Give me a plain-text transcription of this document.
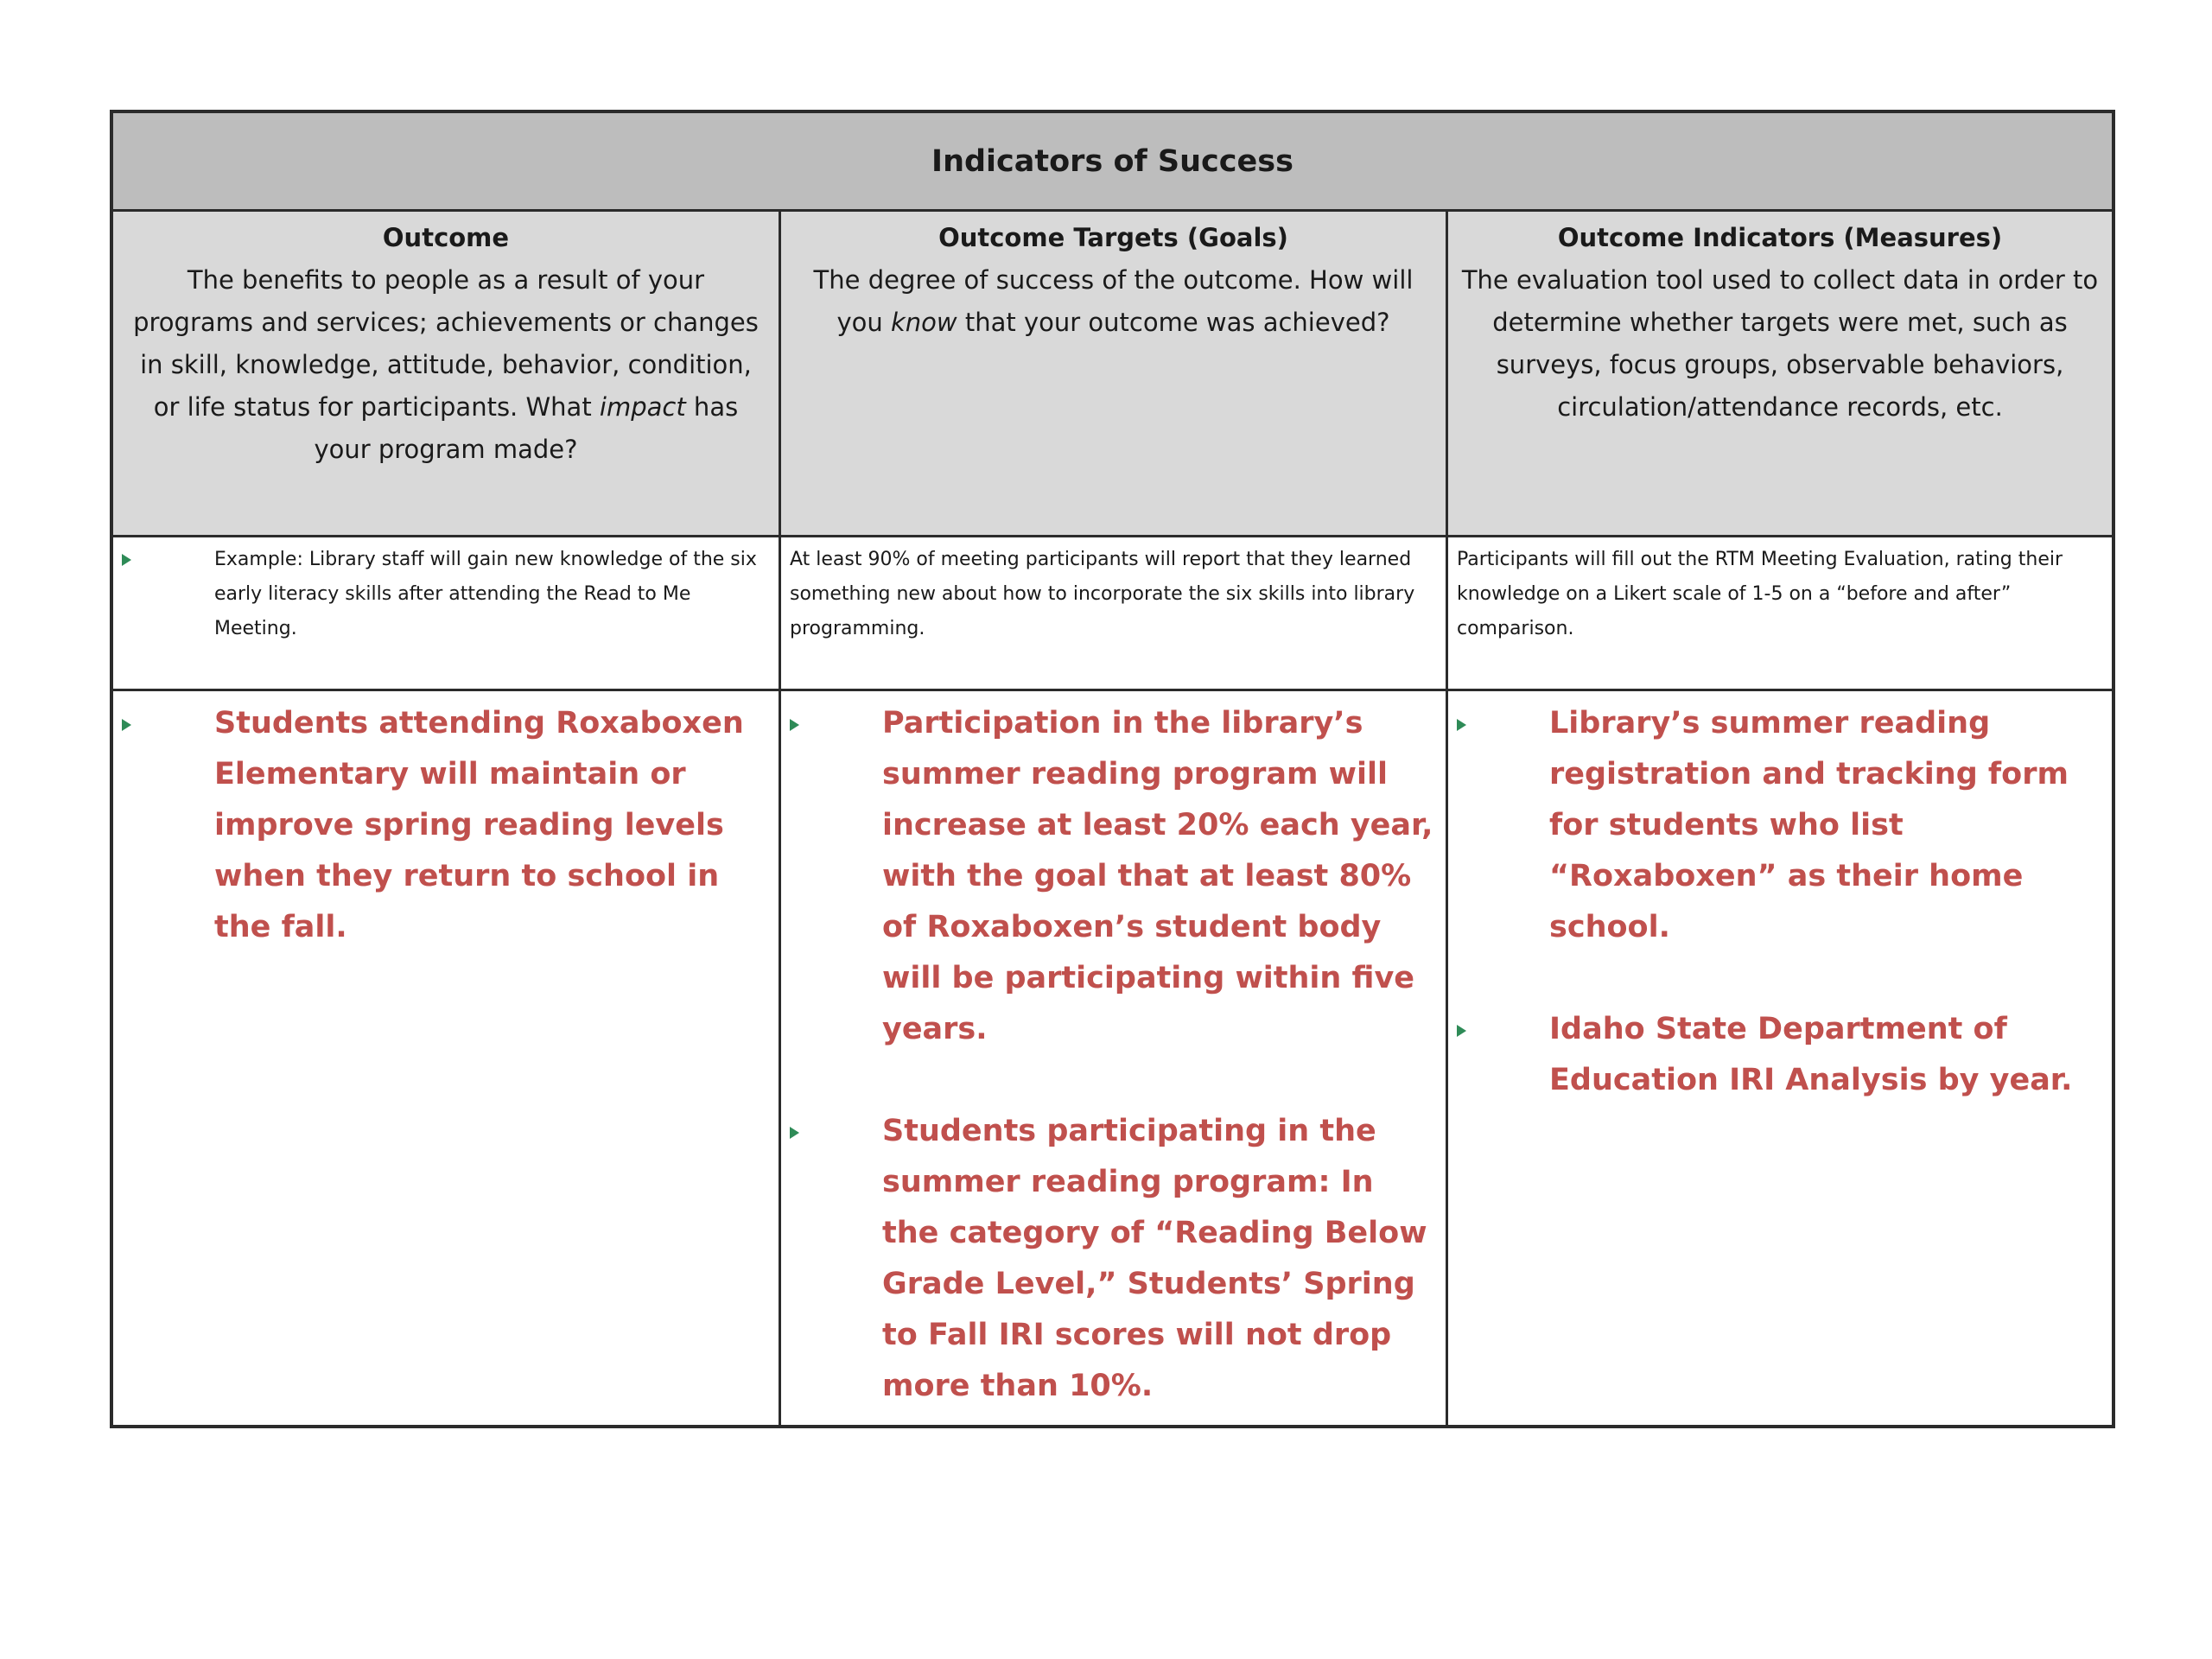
Indicators of Success
Outcome
The benefits to people as a result of your programs and services; achievements or changes in skill, knowledge, attitude, behavior, condition, or life status for participants. What impact has your program made?
Outcome Targets (Goals)
The degree of success of the outcome. How will you know that your outcome was achieved?
Outcome Indicators (Measures)
The evaluation tool used to collect data in order to determine whether targets were met, such as surveys, focus groups, observable behaviors, circulation/attendance records, etc.
Example: Library staff will gain new knowledge of the six early literacy skills after attending the Read to Me Meeting.
At least 90% of meeting participants will report that they learned something new about how to incorporate the six skills into library programming.
Participants will fill out the RTM Meeting Evaluation, rating their knowledge on a Likert scale of 1-5 on a “before and after” comparison.
Students attending Roxaboxen Elementary will maintain or improve spring reading levels when they return to school in the fall.
Participation in the library’s summer reading program will increase at least 20% each year, with the goal that at least 80% of Roxaboxen’s student body will be participating within five years.
Students participating in the summer reading program: In the category of “Reading Below Grade Level,” Students’ Spring to Fall IRI scores will not drop more than 10%.
Library’s summer reading registration and tracking form for students who list “Roxaboxen” as their home school.
Idaho State Department of Education IRI Analysis by year.
